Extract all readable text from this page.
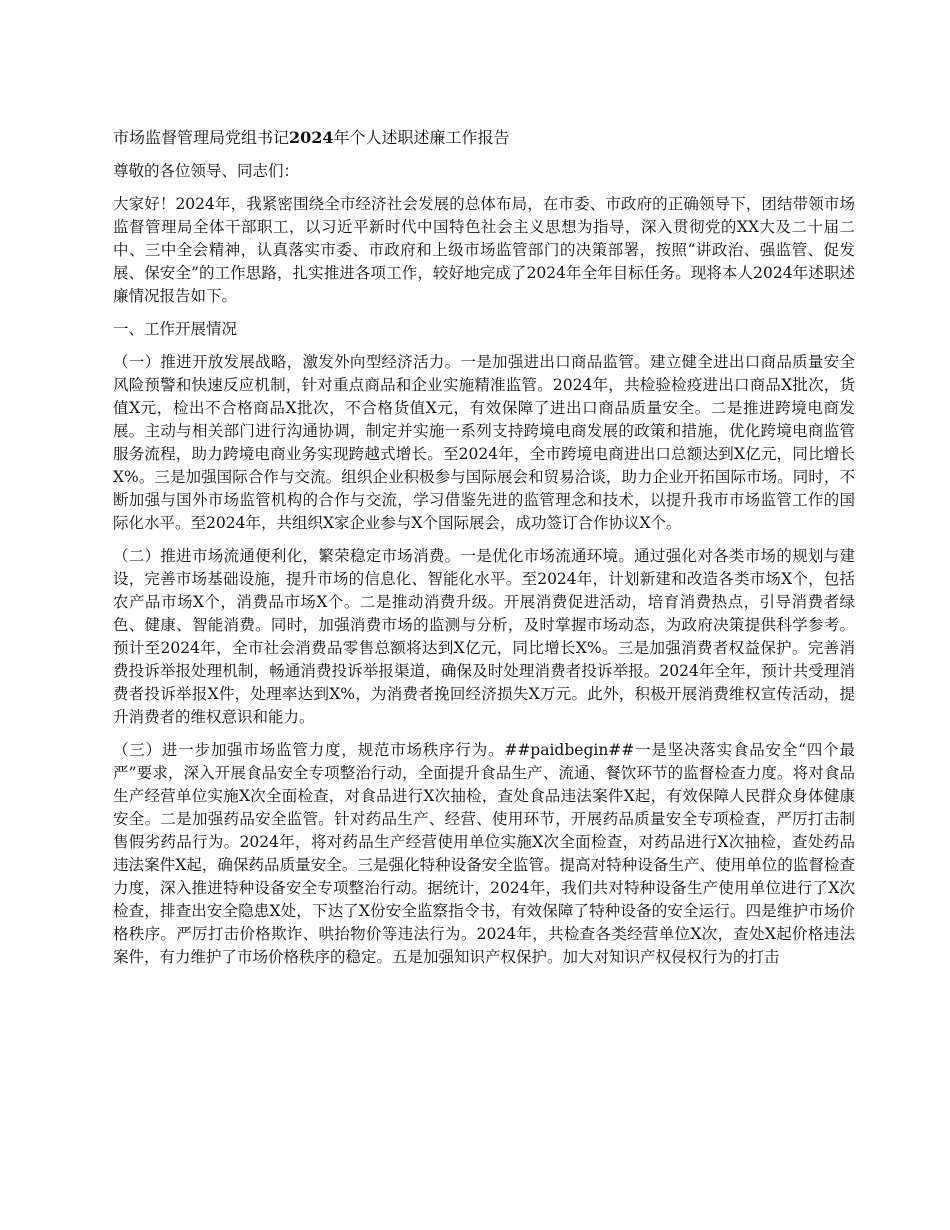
市场监督管理局党组书记2024年个人述职述廉工作报告
尊敬的各位领导、同志们：

大家好！2024年，我紧密围绕全市经济社会发展的总体布局，在市委、市政府的正确领导下，团结带领市场监督管理局全体干部职工，以习近平新时代中国特色社会主义思想为指导，深入贯彻党的XX大及二十届二中、三中全会精神，认真落实市委、市政府和上级市场监管部门的决策部署，按照“讲政治、强监管、促发展、保安全”的工作思路，扎实推进各项工作，较好地完成了2024年全年目标任务。现将本人2024年述职述廉情况报告如下。

一、工作开展情况

（一）推进开放发展战略，激发外向型经济活力。一是加强进出口商品监管。建立健全进出口商品质量安全风险预警和快速反应机制，针对重点商品和企业实施精准监管。2024年，共检验检疫进出口商品X批次，货值X元，检出不合格商品X批次，不合格货值X元，有效保障了进出口商品质量安全。二是推进跨境电商发展。主动与相关部门进行沟通协调，制定并实施一系列支持跨境电商发展的政策和措施，优化跨境电商监管服务流程，助力跨境电商业务实现跨越式增长。至2024年，全市跨境电商进出口总额达到X亿元，同比增长X%。三是加强国际合作与交流。组织企业积极参与国际展会和贸易洽谈，助力企业开拓国际市场。同时，不断加强与国外市场监管机构的合作与交流，学习借鉴先进的监管理念和技术，以提升我市市场监管工作的国际化水平。至2024年，共组织X家企业参与X个国际展会，成功签订合作协议X个。

（二）推进市场流通便利化，繁荣稳定市场消费。一是优化市场流通环境。通过强化对各类市场的规划与建设，完善市场基础设施，提升市场的信息化、智能化水平。至2024年，计划新建和改造各类市场X个，包括农产品市场X个，消费品市场X个。二是推动消费升级。开展消费促进活动，培育消费热点，引导消费者绿色、健康、智能消费。同时，加强消费市场的监测与分析，及时掌握市场动态，为政府决策提供科学参考。预计至2024年，全市社会消费品零售总额将达到X亿元，同比增长X%。三是加强消费者权益保护。完善消费投诉举报处理机制，畅通消费投诉举报渠道，确保及时处理消费者投诉举报。2024年全年，预计共受理消费者投诉举报X件，处理率达到X%，为消费者挽回经济损失X万元。此外，积极开展消费维权宣传活动，提升消费者的维权意识和能力。

（三）进一步加强市场监管力度，规范市场秩序行为。##paidbegin##一是坚决落实食品安全“四个最严”要求，深入开展食品安全专项整治行动，全面提升食品生产、流通、餐饮环节的监督检查力度。将对食品生产经营单位实施X次全面检查，对食品进行X次抽检，查处食品违法案件X起，有效保障人民群众身体健康安全。二是加强药品安全监管。针对药品生产、经营、使用环节，开展药品质量安全专项检查，严厉打击制售假劣药品行为。2024年，将对药品生产经营使用单位实施X次全面检查，对药品进行X次抽检，查处药品违法案件X起，确保药品质量安全。三是强化特种设备安全监管。提高对特种设备生产、使用单位的监督检查力度，深入推进特种设备安全专项整治行动。据统计，2024年，我们共对特种设备生产使用单位进行了X次检查，排查出安全隐患X处，下达了X份安全监察指令书，有效保障了特种设备的安全运行。四是维护市场价格秩序。严厉打击价格欺诈、哄抬物价等违法行为。2024年，共检查各类经营单位X次，查处X起价格违法案件，有力维护了市场价格秩序的稳定。五是加强知识产权保护。加大对知识产权侵权行为的打击
